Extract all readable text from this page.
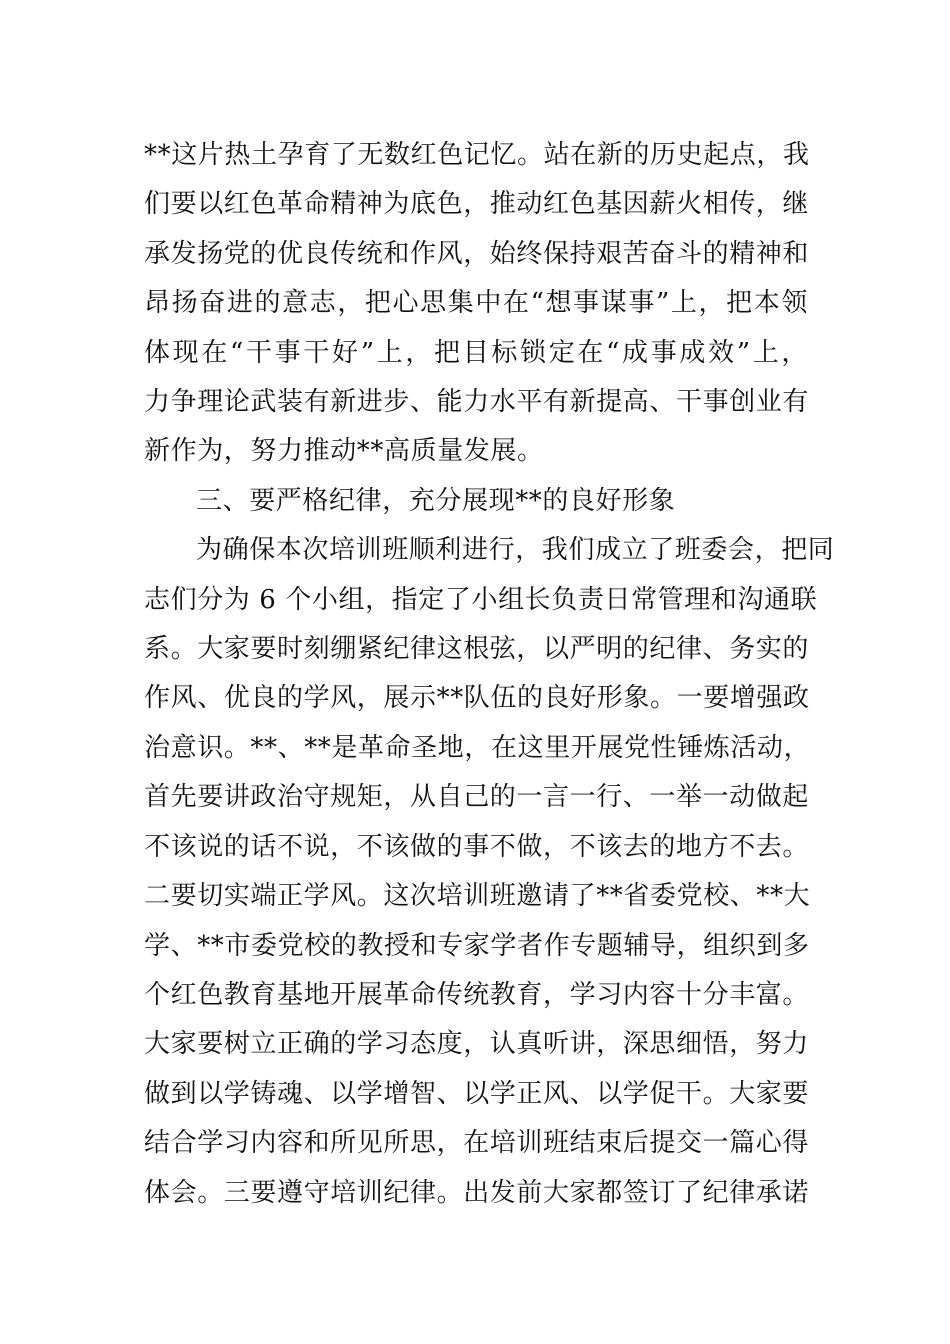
**这片热土孕育了无数红色记忆。站在新的历史起点，我
们要以红色革命精神为底色，推动红色基因薪火相传，继
承发扬党的优良传统和作风，始终保持艰苦奋斗的精神和
昂扬奋进的意志，把心思集中在“想事谋事”上，把本领
体现在“干事干好”上，把目标锁定在“成事成效”上，
力争理论武装有新进步、能力水平有新提高、干事创业有
新作为，努力推动**高质量发展。

三、要严格纪律，充分展现**的良好形象

为确保本次培训班顺利进行，我们成立了班委会，把同
志们分为 6 个小组，指定了小组长负责日常管理和沟通联
系。大家要时刻绷紧纪律这根弦，以严明的纪律、务实的
作风、优良的学风，展示**队伍的良好形象。一要增强政
治意识。**、**是革命圣地，在这里开展党性锤炼活动，
首先要讲政治守规矩，从自己的一言一行、一举一动做起
不该说的话不说，不该做的事不做，不该去的地方不去。
二要切实端正学风。这次培训班邀请了**省委党校、**大
学、**市委党校的教授和专家学者作专题辅导，组织到多
个红色教育基地开展革命传统教育，学习内容十分丰富。
大家要树立正确的学习态度，认真听讲，深思细悟，努力
做到以学铸魂、以学增智、以学正风、以学促干。大家要
结合学习内容和所见所思，在培训班结束后提交一篇心得
体会。三要遵守培训纪律。出发前大家都签订了纪律承诺
